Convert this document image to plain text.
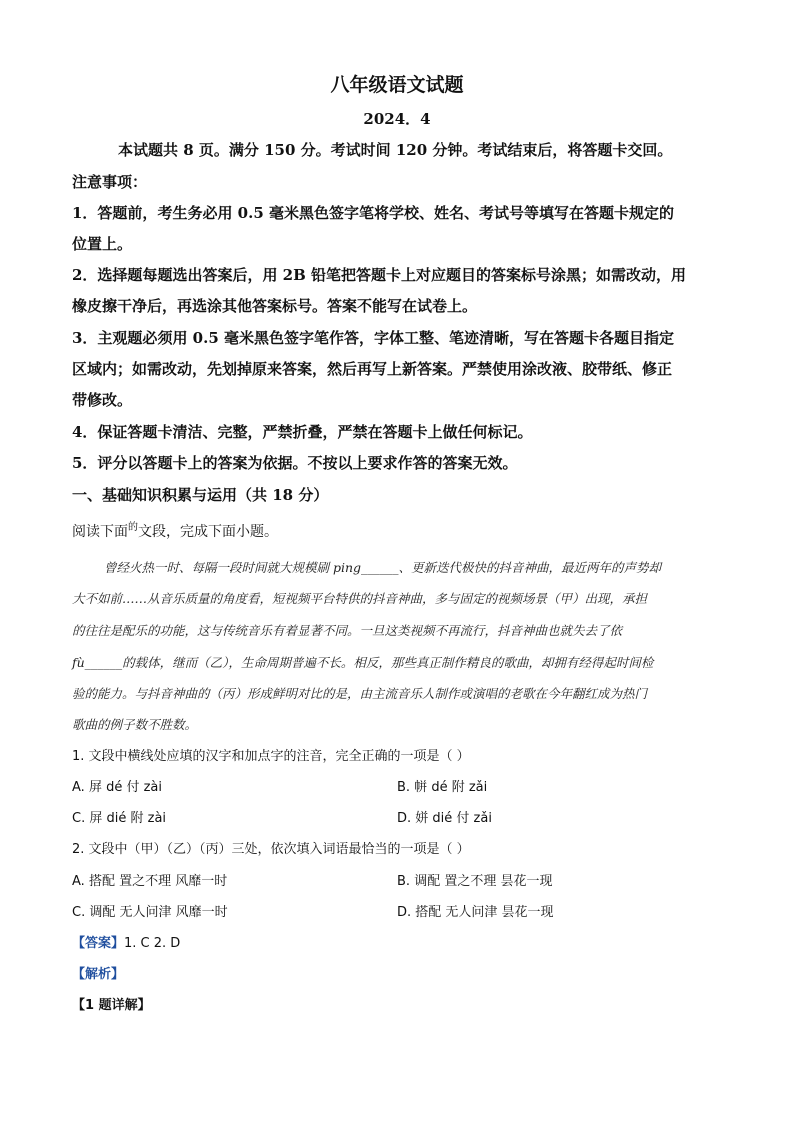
八年级语文试题
2024．4
本试题共 8 页。满分 150 分。考试时间 120 分钟。考试结束后，将答题卡交回。
注意事项：
1．答题前，考生务必用 0.5 毫米黑色签字笔将学校、姓名、考试号等填写在答题卡规定的
位置上。
2．选择题每题选出答案后，用 2B 铅笔把答题卡上对应题目的答案标号涂黑；如需改动，用
橡皮擦干净后，再选涂其他答案标号。答案不能写在试卷上。
3．主观题必须用 0.5 毫米黑色签字笔作答，字体工整、笔迹清晰，写在答题卡各题目指定
区域内；如需改动，先划掉原来答案，然后再写上新答案。严禁使用涂改液、胶带纸、修正
带修改。
4．保证答题卡清洁、完整，严禁折叠，严禁在答题卡上做任何标记。
5．评分以答题卡上的答案为依据。不按以上要求作答的答案无效。
一、基础知识积累与运用（共 18 分）
阅读下面$^的$文段，完成下面小题。
曾经火热一时、每隔一段时间就大规模刷 ping______、更新迭代极快的抖音神曲，最近两年的声势却
大不如前……从音乐质量的角度看，短视频平台特供的抖音神曲，多与固定的视频场景（甲）出现，承担
的往往是配乐的功能，这与传统音乐有着显著不同。一旦这类视频不再流行，抖音神曲也就失去了依
fù______的载体，继而（乙），生命周期普遍不长。相反，那些真正制作精良的歌曲，却拥有经得起时间检
验的能力。与抖音神曲的（丙）形成鲜明对比的是，由主流音乐人制作或演唱的老歌在今年翻红成为热门
歌曲的例子数不胜数。
1. 文段中横线处应填的汉字和加点字的注音，完全正确的一项是（ ）
A. 屏 dé 付 zài	B. 帡 dé 附 zǎi
C. 屏 dié 附 zài	D. 姘 dié 付 zǎi
2. 文段中（甲）（乙）（丙）三处，依次填入词语最恰当的一项是（ ）
A. 搭配 置之不理 风靡一时	B. 调配 置之不理 昙花一现
C. 调配 无人问津 风靡一时	D. 搭配 无人问津 昙花一现
【答案】1. C 2. D
【解析】
【1 题详解】
